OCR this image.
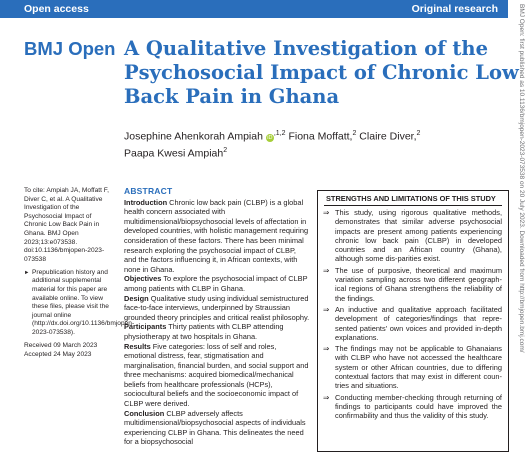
Open access	Original research
BMJ Open A Qualitative Investigation of the
Psychosocial Impact of Chronic Low
Back Pain in Ghana
Josephine Ahenkorah Ampiah $iD^{,1,2}$ Fiona Moffatt,$^2$ Claire Diver,$^2$
Paapa Kwesi Ampiah$^2$

To cite: Ampiah JA, Moffatt F, Diver C, et al. A Qualitative Investigation of the Psychosocial Impact of Chronic Low Back Pain in Ghana. BMJ Open 2023;13:e073538. doi:10.1136/bmjopen-2023-073538

► Prepublication history and additional supplemental material for this paper are available online. To view these files, please visit the journal online (http://dx.doi.org/10.1136/bmjopen-2023-073538).

Received 09 March 2023

Accepted 24 May 2023

ABSTRACT

Introduction Chronic low back pain (CLBP) is a global health concern associated with multidimensional/biopsychosocial levels of affectation in developed countries, with holistic management requiring consideration of these factors. There has been minimal research exploring the psychosocial impact of CLBP, and the factors influencing it, in African contexts, with none in Ghana.

Objectives To explore the psychosocial impact of CLBP among patients with CLBP in Ghana.

Design Qualitative study using individual semistructured face-to-face interviews, underpinned by Straussian grounded theory principles and critical realist philosophy.

Participants Thirty patients with CLBP attending physiotherapy at two hospitals in Ghana.

Results Five categories: loss of self and roles, emotional distress, fear, stigmatisation and marginalisation, financial burden, and social support and three mechanisms: acquired biomedical/mechanical beliefs from healthcare professionals (HCPs), sociocultural beliefs and the socioeconomic impact of CLBP were derived.

Conclusion CLBP adversely affects multidimensional/biopsychosocial aspects of individuals experiencing CLBP in Ghana. This delineates the need for a biopsychosocial

STRENGTHS AND LIMITATIONS OF THIS STUDY
⇒ This study, using rigorous qualitative methods, demonstrates that similar adverse psychosocial impacts are present among patients experiencing chronic low back pain (CLBP) in developed countries and an African country (Ghana), although some dis-parities exist.
⇒ The use of purposive, theoretical and maximum variation sampling across two different geograph-ical regions of Ghana strengthens the reliability of the findings.
⇒ An inductive and qualitative approach facilitated development of categories/findings that repre-sented patients' own voices and provided in-depth explanations.
⇒ The findings may not be applicable to Ghanaians with CLBP who have not accessed the healthcare system or other African countries, due to differing contextual factors that may exist in different coun-tries and situations.
⇒ Conducting member-checking through returning of findings to participants could have improved the confirmability and thus the validity of this study.
BMJ Open: first published as 10.1136/bmjopen-2023-073538 on 20 July 2023. Downloaded from http://bmjopen.bmj.com/
